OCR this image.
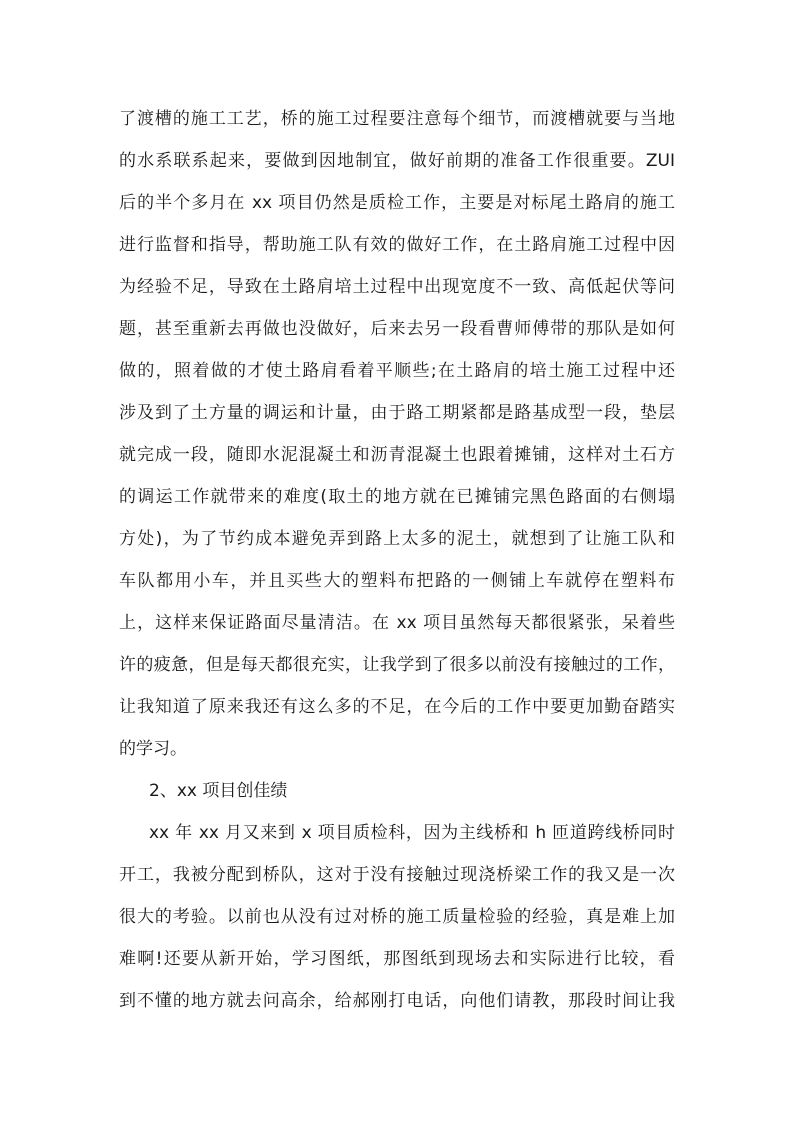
了渡槽的施工工艺，桥的施工过程要注意每个细节，而渡槽就要与当地
的水系联系起来，要做到因地制宜，做好前期的准备工作很重要。ZUI
后的半个多月在 xx 项目仍然是质检工作，主要是对标尾土路肩的施工
进行监督和指导，帮助施工队有效的做好工作，在土路肩施工过程中因
为经验不足，导致在土路肩培土过程中出现宽度不一致、高低起伏等问
题，甚至重新去再做也没做好，后来去另一段看曹师傅带的那队是如何
做的，照着做的才使土路肩看着平顺些;在土路肩的培土施工过程中还
涉及到了土方量的调运和计量，由于路工期紧都是路基成型一段，垫层
就完成一段，随即水泥混凝土和沥青混凝土也跟着摊铺，这样对土石方
的调运工作就带来的难度(取土的地方就在已摊铺完黑色路面的右侧塌
方处)，为了节约成本避免弄到路上太多的泥土，就想到了让施工队和
车队都用小车，并且买些大的塑料布把路的一侧铺上车就停在塑料布
上，这样来保证路面尽量清洁。在 xx 项目虽然每天都很紧张，呆着些
许的疲惫，但是每天都很充实，让我学到了很多以前没有接触过的工作，
让我知道了原来我还有这么多的不足，在今后的工作中要更加勤奋踏实
的学习。
2、xx 项目创佳绩
xx 年 xx 月又来到 x 项目质检科，因为主线桥和 h 匝道跨线桥同时
开工，我被分配到桥队，这对于没有接触过现浇桥梁工作的我又是一次
很大的考验。以前也从没有过对桥的施工质量检验的经验，真是难上加
难啊!还要从新开始，学习图纸，那图纸到现场去和实际进行比较，看
到不懂的地方就去问高余，给郝刚打电话，向他们请教，那段时间让我
